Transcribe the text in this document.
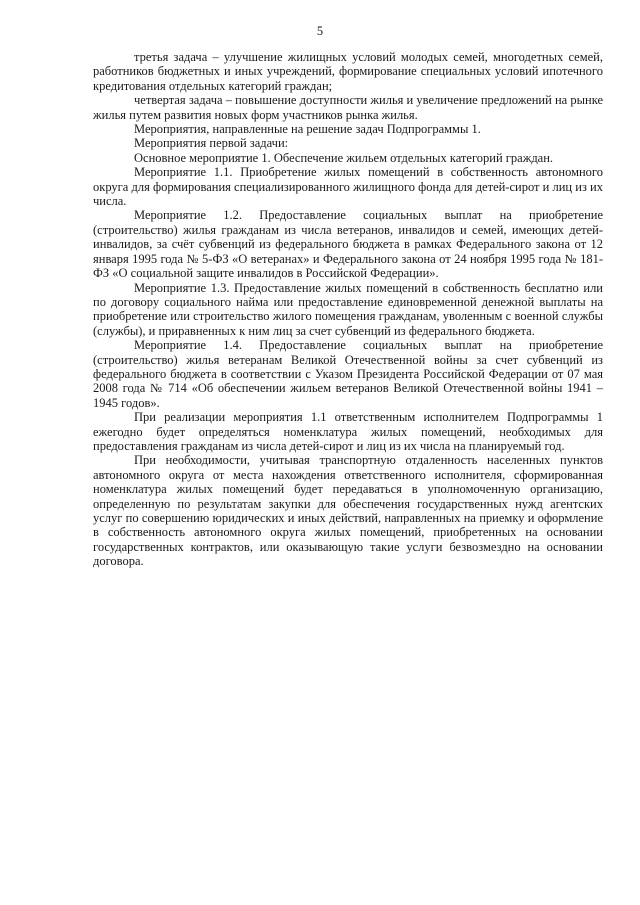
5

третья задача – улучшение жилищных условий молодых семей, многодетных семей, работников бюджетных и иных учреждений, формирование специальных условий ипотечного кредитования отдельных категорий граждан;

четвертая задача – повышение доступности жилья и увеличение предложений на рынке жилья путем развития новых форм участников рынка жилья.

Мероприятия, направленные на решение задач Подпрограммы 1.

Мероприятия первой задачи:

Основное мероприятие 1. Обеспечение жильем отдельных категорий граждан.

Мероприятие 1.1. Приобретение жилых помещений в собственность автономного округа для формирования специализированного жилищного фонда для детей-сирот и лиц из их числа.

Мероприятие 1.2. Предоставление социальных выплат на приобретение (строительство) жилья гражданам из числа ветеранов, инвалидов и семей, имеющих детей-инвалидов, за счёт субвенций из федерального бюджета в рамках Федерального закона от 12 января 1995 года № 5-ФЗ «О ветеранах» и Федерального закона от 24 ноября 1995 года № 181-ФЗ «О социальной защите инвалидов в Российской Федерации».

Мероприятие 1.3. Предоставление жилых помещений в собственность бесплатно или по договору социального найма или предоставление единовременной денежной выплаты на приобретение или строительство жилого помещения гражданам, уволенным с военной службы (службы), и приравненных к ним лиц за счет субвенций из федерального бюджета.

Мероприятие 1.4. Предоставление социальных выплат на приобретение (строительство) жилья ветеранам Великой Отечественной войны за счет субвенций из федерального бюджета в соответствии с Указом Президента Российской Федерации от 07 мая 2008 года № 714 «Об обеспечении жильем ветеранов Великой Отечественной войны 1941 – 1945 годов».

При реализации мероприятия 1.1 ответственным исполнителем Подпрограммы 1 ежегодно будет определяться номенклатура жилых помещений, необходимых для предоставления гражданам из числа детей-сирот и лиц из их числа на планируемый год.

При необходимости, учитывая транспортную отдаленность населенных пунктов автономного округа от места нахождения ответственного исполнителя, сформированная номенклатура жилых помещений будет передаваться в уполномоченную организацию, определенную по результатам закупки для обеспечения государственных нужд агентских услуг по совершению юридических и иных действий, направленных на приемку и оформление в собственность автономного округа жилых помещений, приобретенных на основании государственных контрактов, или оказывающую такие услуги безвозмездно на основании договора.
